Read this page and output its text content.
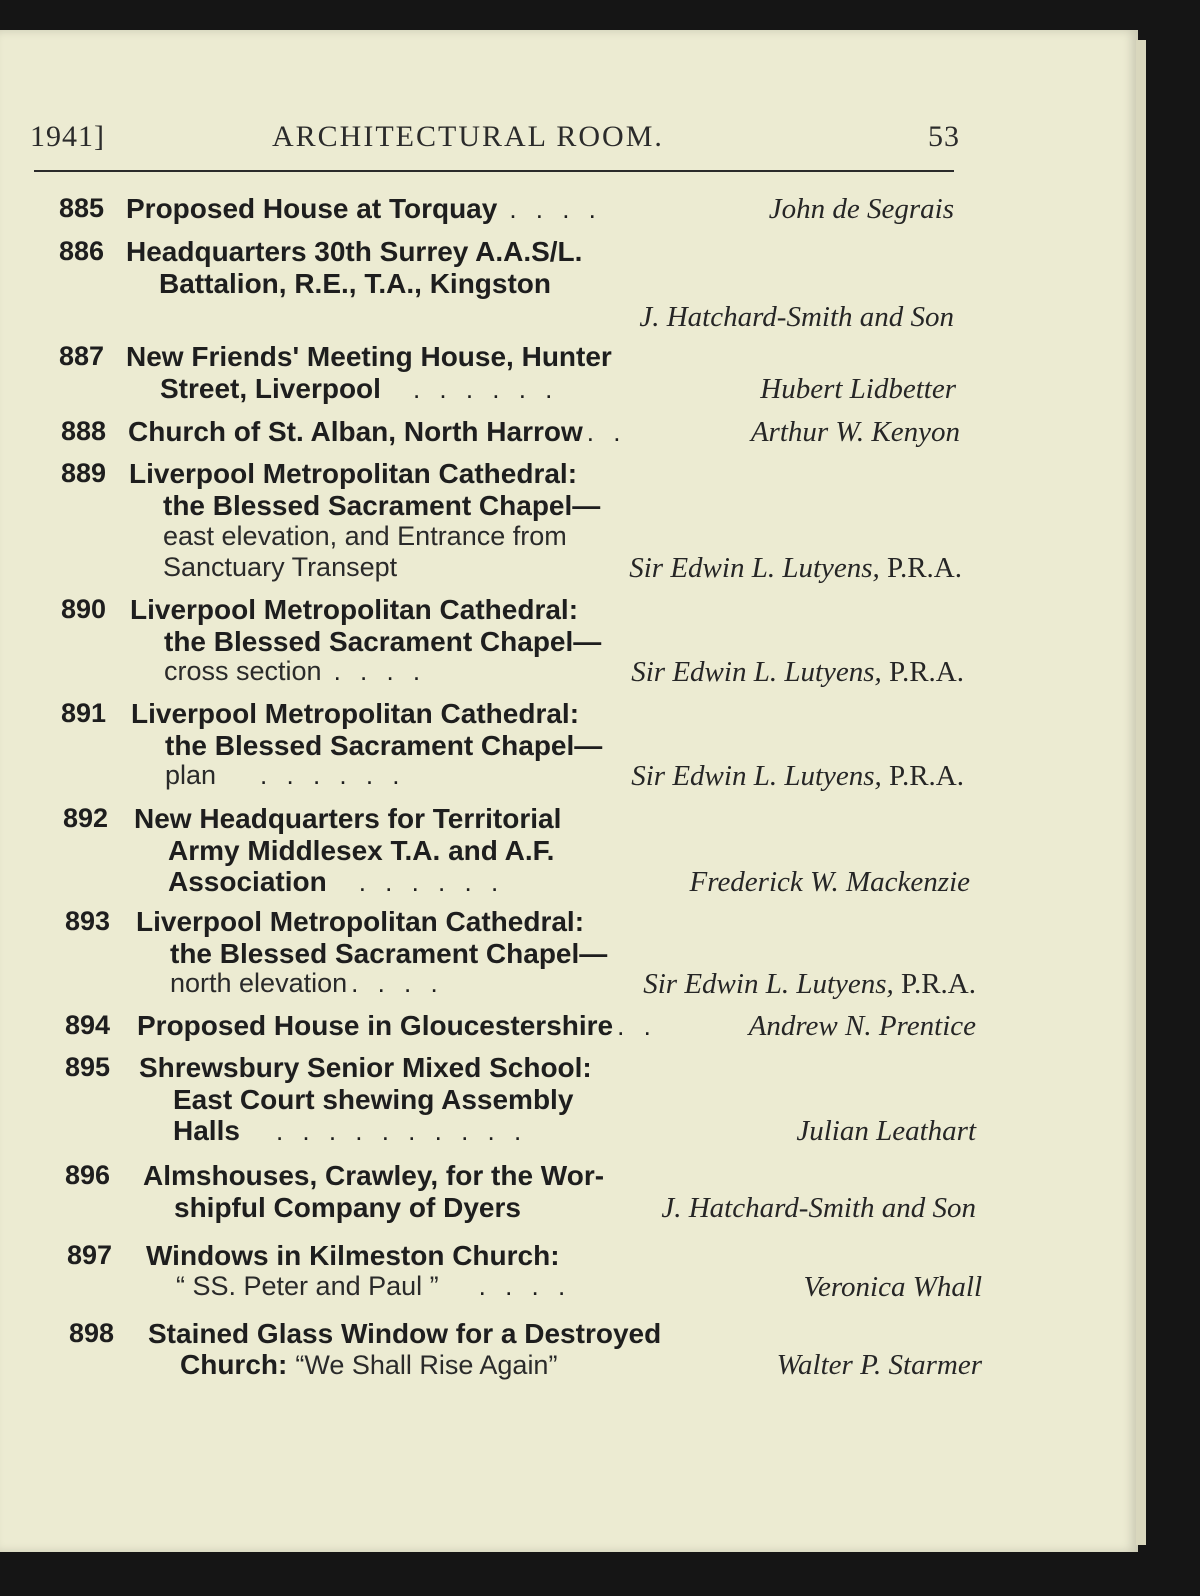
1941]	ARCHITECTURAL ROOM.	53
885 Proposed House at Torquay . . . .	John de Segrais
886 Headquarters 30th Surrey A.A.S/L.
Battalion, R.E., T.A., Kingston
J. Hatchard-Smith and Son
887 New Friends' Meeting House, Hunter
Street, Liverpool . . . . . .	Hubert Lidbetter
888 Church of St. Alban, North Harrow . .	Arthur W. Kenyon
889 Liverpool Metropolitan Cathedral:
the Blessed Sacrament Chapel—
east elevation, and Entrance from
Sanctuary Transept	Sir Edwin L. Lutyens, P.R.A.
890 Liverpool Metropolitan Cathedral:
the Blessed Sacrament Chapel—
cross section . . . .	Sir Edwin L. Lutyens, P.R.A.
891 Liverpool Metropolitan Cathedral:
the Blessed Sacrament Chapel—
plan . . . . . .	Sir Edwin L. Lutyens, P.R.A.
892 New Headquarters for Territorial
Army Middlesex T.A. and A.F.
Association . . . . . .	Frederick W. Mackenzie
893 Liverpool Metropolitan Cathedral:
the Blessed Sacrament Chapel—
north elevation . . . .	Sir Edwin L. Lutyens, P.R.A.
894 Proposed House in Gloucestershire . .	Andrew N. Prentice
895 Shrewsbury Senior Mixed School:
East Court shewing Assembly
Halls . . . . . . . . . .	Julian Leathart
896 Almshouses, Crawley, for the Wor-
shipful Company of Dyers	J. Hatchard-Smith and Son
897 Windows in Kilmeston Church:
“ SS. Peter and Paul ” . . . .	Veronica Whall
898 Stained Glass Window for a Destroyed
Church: “We Shall Rise Again”	Walter P. Starmer
